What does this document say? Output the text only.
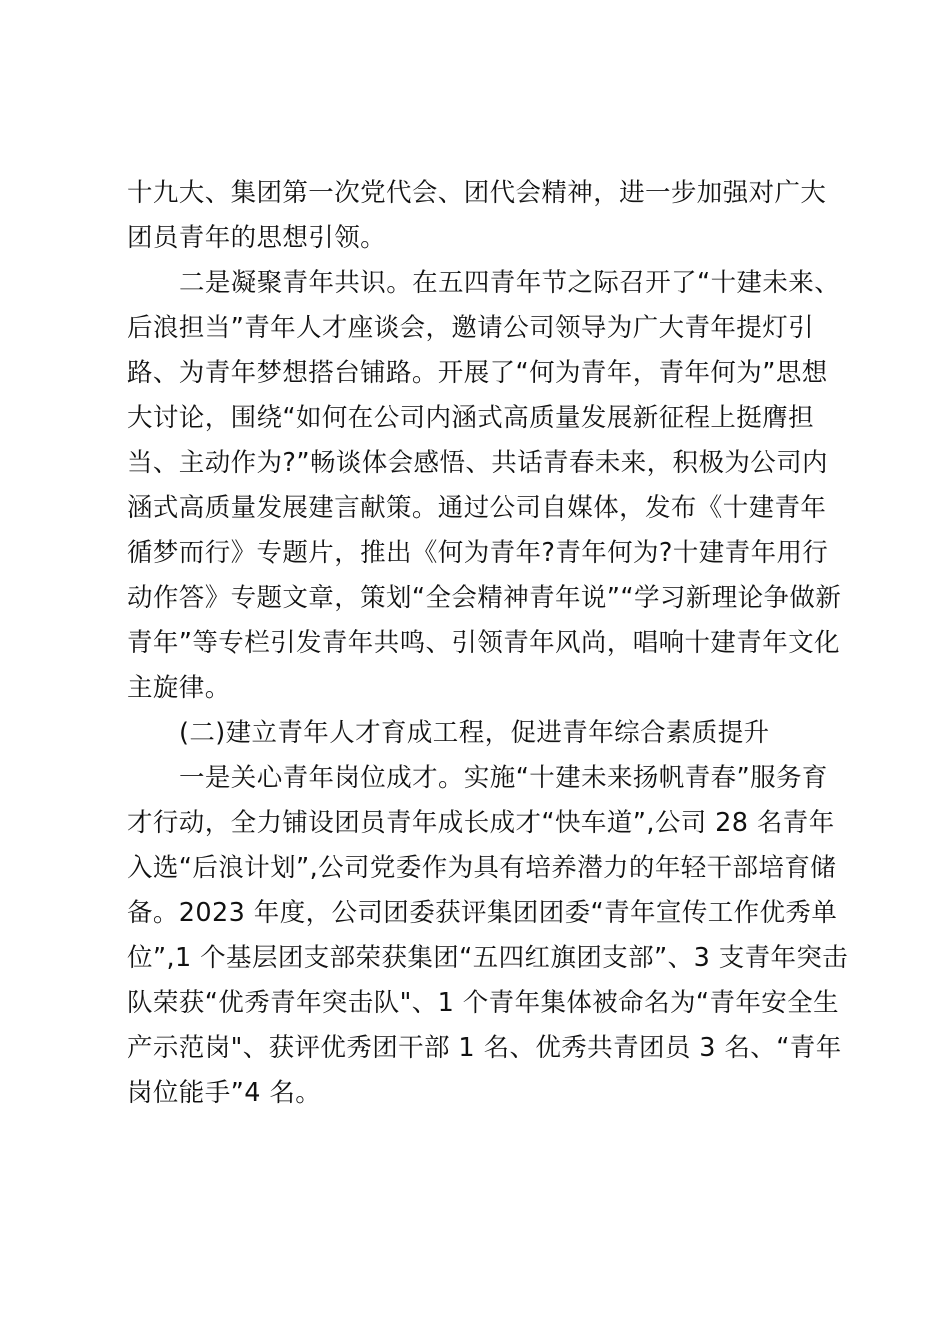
十九大、集团第一次党代会、团代会精神，进一步加强对广大
团员青年的思想引领。
二是凝聚青年共识。在五四青年节之际召开了“十建未来、
后浪担当”青年人才座谈会，邀请公司领导为广大青年提灯引
路、为青年梦想搭台铺路。开展了“何为青年，青年何为”思想
大讨论，围绕“如何在公司内涵式高质量发展新征程上挺膺担
当、主动作为?”畅谈体会感悟、共话青春未来，积极为公司内
涵式高质量发展建言献策。通过公司自媒体，发布《十建青年
循梦而行》专题片，推出《何为青年?青年何为?十建青年用行
动作答》专题文章，策划“全会精神青年说”“学习新理论争做新
青年”等专栏引发青年共鸣、引领青年风尚，唱响十建青年文化
主旋律。
(二)建立青年人才育成工程，促进青年综合素质提升
一是关心青年岗位成才。实施“十建未来扬帆青春”服务育
才行动，全力铺设团员青年成长成才“快车道”,公司 28 名青年
入选“后浪计划”,公司党委作为具有培养潜力的年轻干部培育储
备。2023 年度，公司团委获评集团团委“青年宣传工作优秀单
位”,1 个基层团支部荣获集团“五四红旗团支部”、3 支青年突击
队荣获“优秀青年突击队"、1 个青年集体被命名为“青年安全生
产示范岗"、获评优秀团干部 1 名、优秀共青团员 3 名、“青年
岗位能手”4 名。
